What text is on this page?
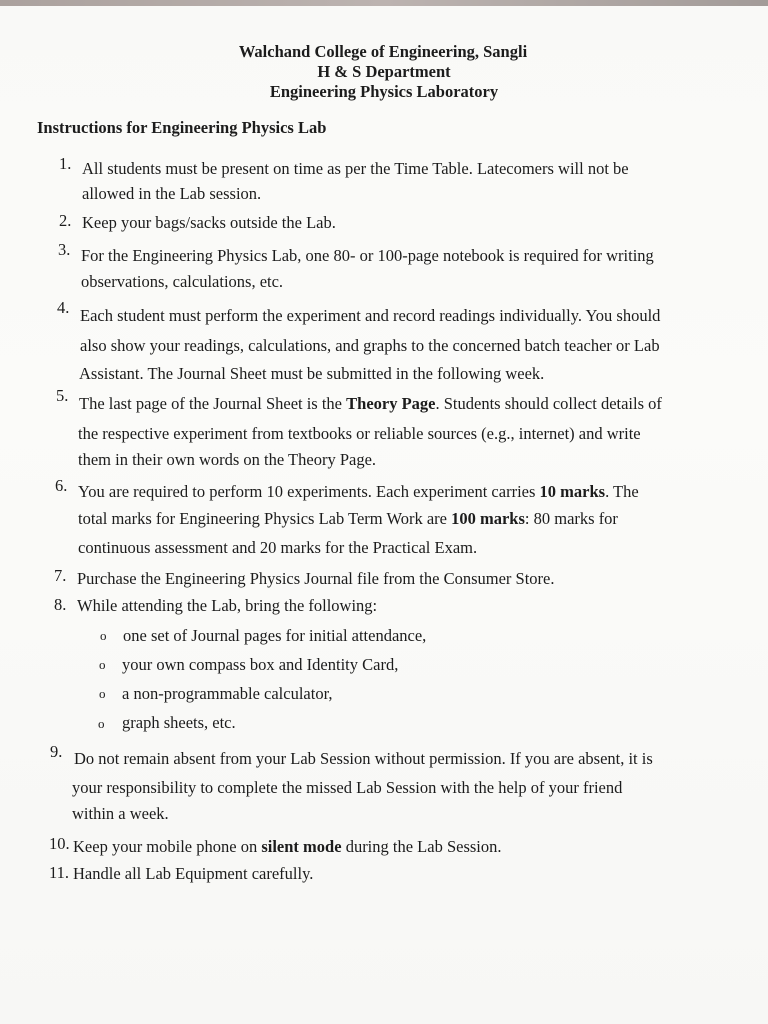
Walchand College of Engineering, Sangli
H & S Department
Engineering Physics Laboratory
Instructions for Engineering Physics Lab
1. All students must be present on time as per the Time Table. Latecomers will not be
allowed in the Lab session.
2. Keep your bags/sacks outside the Lab.
3. For the Engineering Physics Lab, one 80- or 100-page notebook is required for writing
observations, calculations, etc.
4. Each student must perform the experiment and record readings individually. You should
also show your readings, calculations, and graphs to the concerned batch teacher or Lab
Assistant. The Journal Sheet must be submitted in the following week.
5. The last page of the Journal Sheet is the Theory Page. Students should collect details of
the respective experiment from textbooks or reliable sources (e.g., internet) and write
them in their own words on the Theory Page.
6. You are required to perform 10 experiments. Each experiment carries 10 marks. The
total marks for Engineering Physics Lab Term Work are 100 marks: 80 marks for
continuous assessment and 20 marks for the Practical Exam.
7. Purchase the Engineering Physics Journal file from the Consumer Store.
8. While attending the Lab, bring the following:
o one set of Journal pages for initial attendance,
o your own compass box and Identity Card,
o a non-programmable calculator,
o graph sheets, etc.
9. Do not remain absent from your Lab Session without permission. If you are absent, it is
your responsibility to complete the missed Lab Session with the help of your friend
within a week.
10. Keep your mobile phone on silent mode during the Lab Session.
11. Handle all Lab Equipment carefully.
